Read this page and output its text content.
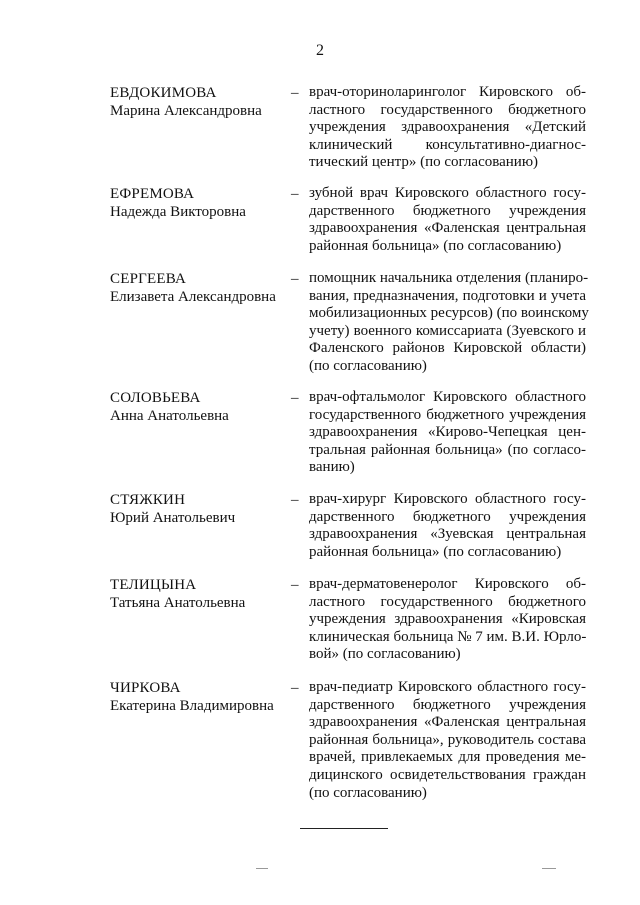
2
ЕВДОКИМОВА
Марина Александровна
– врач-оториноларинголог Кировского об-
ластного государственного бюджетного
учреждения здравоохранения «Детский
клинический консультативно-диагнос-
тический центр» (по согласованию)
ЕФРЕМОВА
Надежда Викторовна
– зубной врач Кировского областного госу-
дарственного бюджетного учреждения
здравоохранения «Фаленская центральная
районная больница» (по согласованию)
СЕРГЕЕВА
Елизавета Александровна
– помощник начальника отделения (планиро-
вания, предназначения, подготовки и учета
мобилизационных ресурсов) (по воинскому
учету) военного комиссариата (Зуевского и
Фаленского районов Кировской области)
(по согласованию)
СОЛОВЬЕВА
Анна Анатольевна
– врач-офтальмолог Кировского областного
государственного бюджетного учреждения
здравоохранения «Кирово-Чепецкая цен-
тральная районная больница» (по согласо-
ванию)
СТЯЖКИН
Юрий Анатольевич
– врач-хирург Кировского областного госу-
дарственного бюджетного учреждения
здравоохранения «Зуевская центральная
районная больница» (по согласованию)
ТЕЛИЦЫНА
Татьяна Анатольевна
– врач-дерматовенеролог Кировского об-
ластного государственного бюджетного
учреждения здравоохранения «Кировская
клиническая больница № 7 им. В.И. Юрло-
вой» (по согласованию)
ЧИРКОВА
Екатерина Владимировна
– врач-педиатр Кировского областного госу-
дарственного бюджетного учреждения
здравоохранения «Фаленская центральная
районная больница», руководитель состава
врачей, привлекаемых для проведения ме-
дицинского освидетельствования граждан
(по согласованию)
